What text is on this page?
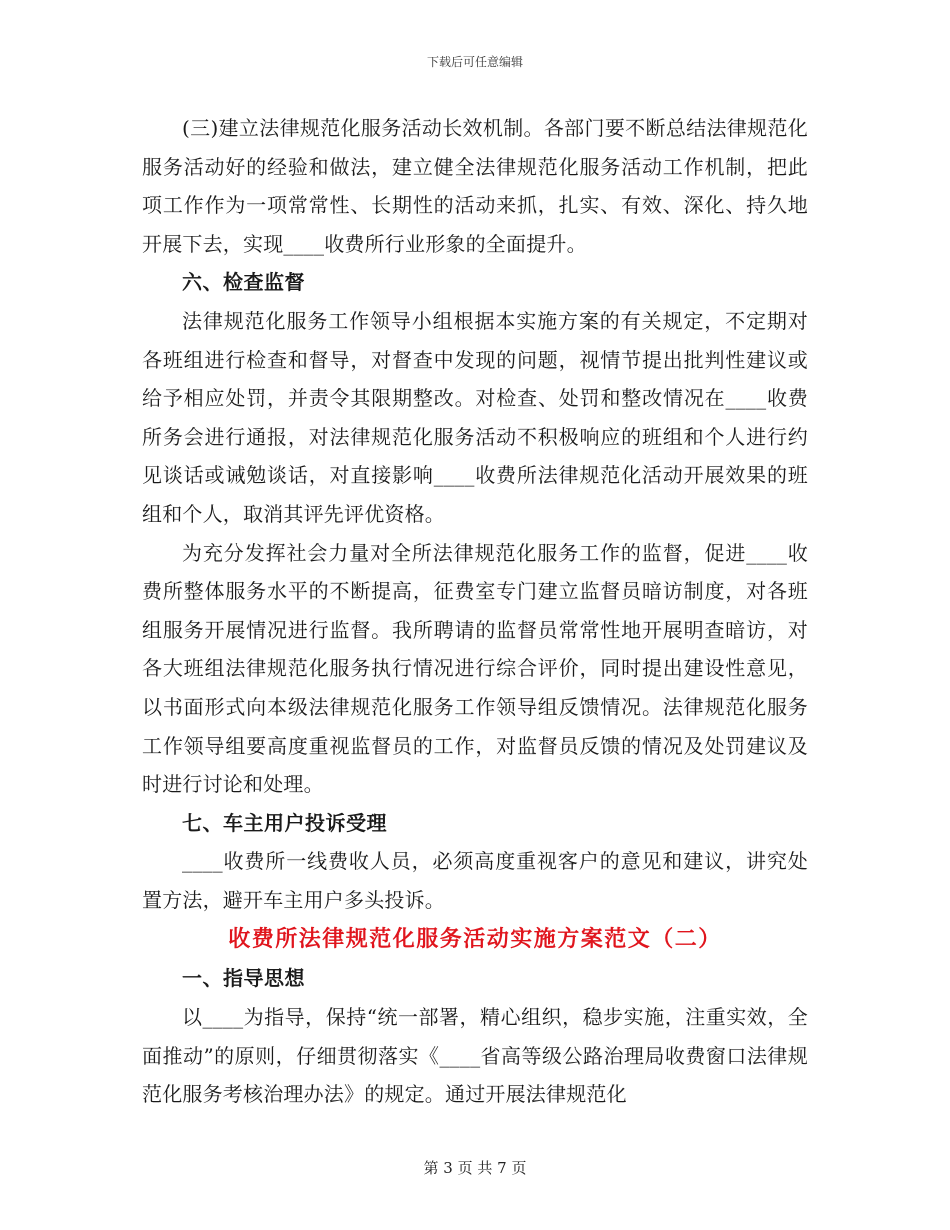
下载后可任意编辑

(三)建立法律规范化服务活动长效机制。各部门要不断总结法律规范化服务活动好的经验和做法，建立健全法律规范化服务活动工作机制，把此项工作作为一项常常性、长期性的活动来抓，扎实、有效、深化、持久地开展下去，实现____收费所行业形象的全面提升。

六、检查监督

法律规范化服务工作领导小组根据本实施方案的有关规定，不定期对各班组进行检查和督导，对督查中发现的问题，视情节提出批判性建议或给予相应处罚，并责令其限期整改。对检查、处罚和整改情况在____收费所务会进行通报，对法律规范化服务活动不积极响应的班组和个人进行约见谈话或诫勉谈话，对直接影响____收费所法律规范化活动开展效果的班组和个人，取消其评先评优资格。

为充分发挥社会力量对全所法律规范化服务工作的监督，促进____收费所整体服务水平的不断提高，征费室专门建立监督员暗访制度，对各班组服务开展情况进行监督。我所聘请的监督员常常性地开展明查暗访，对各大班组法律规范化服务执行情况进行综合评价，同时提出建设性意见，以书面形式向本级法律规范化服务工作领导组反馈情况。法律规范化服务工作领导组要高度重视监督员的工作，对监督员反馈的情况及处罚建议及时进行讨论和处理。

七、车主用户投诉受理

____收费所一线费收人员，必须高度重视客户的意见和建议，讲究处置方法，避开车主用户多头投诉。

收费所法律规范化服务活动实施方案范文（二）

一、指导思想

以____为指导，保持“统一部署，精心组织，稳步实施，注重实效，全面推动”的原则，仔细贯彻落实《____省高等级公路治理局收费窗口法律规范化服务考核治理办法》的规定。通过开展法律规范化

第 3 页 共 7 页
